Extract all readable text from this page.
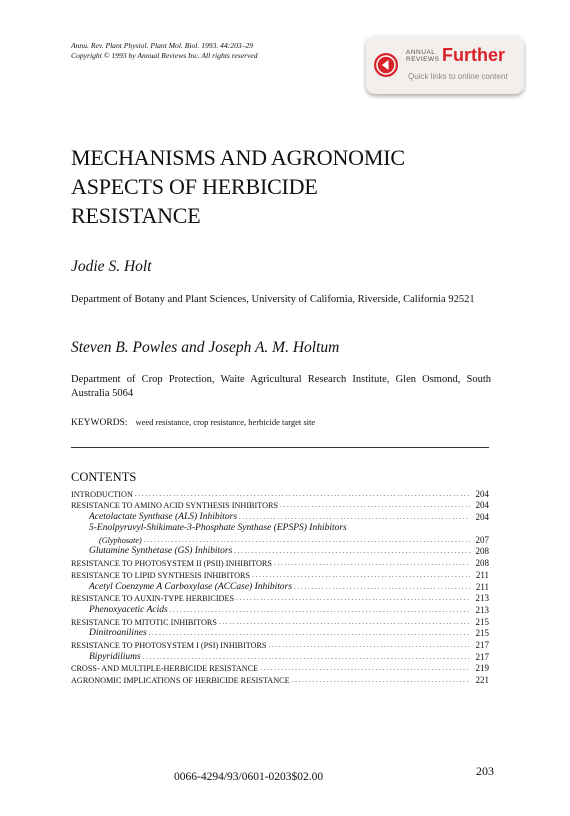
Annu. Rev. Plant Physiol. Plant Mol. Biol. 1993. 44:203–29
Copyright © 1993 by Annual Reviews Inc. All rights reserved	ANNUAL
REVIEWS Further
Quick links to online content
MECHANISMS AND AGRONOMIC
ASPECTS OF HERBICIDE
RESISTANCE
Jodie S. Holt
Department of Botany and Plant Sciences, University of California, Riverside, California 92521
Steven B. Powles and Joseph A. M. Holtum
Department of Crop Protection, Waite Agricultural Research Institute, Glen Osmond, South Australia 5064
KEYWORDS: weed resistance, crop resistance, herbicide target site
CONTENTS
INTRODUCTION . . .	204
RESISTANCE TO AMINO ACID SYNTHESIS INHIBITORS . . .	204
Acetolactate Synthase (ALS) Inhibitors . . .	204
5-Enolpyruvyl-Shikimate-3-Phosphate Synthase (EPSPS) Inhibitors
(Glyphosate) . . .	207
Glutamine Synthetase (GS) Inhibitors . . .	208
RESISTANCE TO PHOTOSYSTEM II (PSII) INHIBITORS . . .	208
RESISTANCE TO LIPID SYNTHESIS INHIBITORS . . .	211
Acetyl Coenzyme A Carboxylase (ACCase) Inhibitors . . .	211
RESISTANCE TO AUXIN-TYPE HERBICIDES . . .	213
Phenoxyacetic Acids . . .	213
RESISTANCE TO MITOTIC INHIBITORS . . .	215
Dinitroanilines . . .	215
RESISTANCE TO PHOTOSYSTEM I (PSI) INHIBITORS . . .	217
Bipyridiliums . . .	217
CROSS- AND MULTIPLE-HERBICIDE RESISTANCE . . .	219
AGRONOMIC IMPLICATIONS OF HERBICIDE RESISTANCE . . .	221
203
0066-4294/93/0601-0203$02.00
